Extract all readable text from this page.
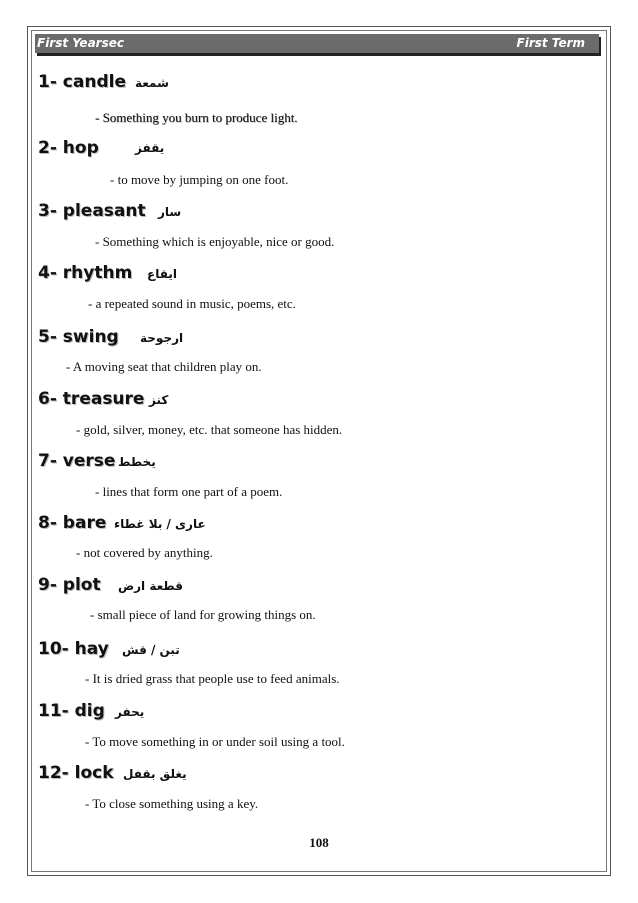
First Yearsec	First Term
1- candle شمعة
- Something you burn to produce light.
2- hop	يقفز
- to move by jumping on one foot.
3- pleasant سار
- Something which is enjoyable, nice or good.
4- rhythm ايقاع
- a repeated sound in music, poems, etc.
5- swing ارجوحة
- A moving seat that children play on.
6- treasure كنز
- gold, silver, money, etc. that someone has hidden.
7- verse يخطط
- lines that form one part of a poem.
8- bare عارى / بلا غطاء
- not covered by anything.
9- plot قطعة ارض
- small piece of land for growing things on.
10- hay تبن / قش
- It is dried grass that people use to feed animals.
11- dig يحفر
- To move something in or under soil using a tool.
12- lock يغلق بقفل
- To close something using a key.
108
